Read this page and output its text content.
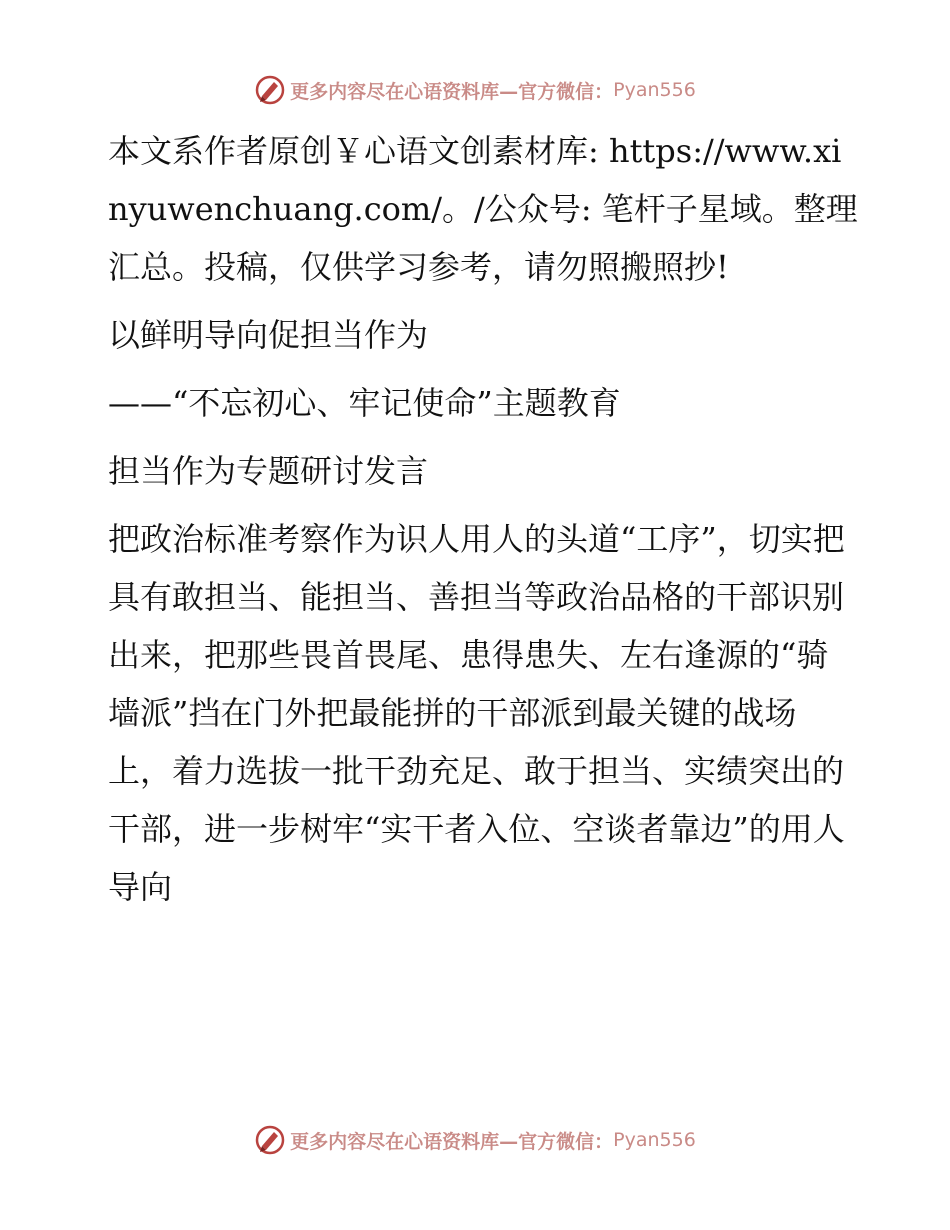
更多内容尽在心语资料库—官方微信： Pyan556

本文系作者原创￥心语文创素材库: https://www.xinyuwenchuang.com/。/公众号: 笔杆子星域。整理汇总。投稿，仅供学习参考，请勿照搬照抄!

以鲜明导向促担当作为

——“不忘初心、牢记使命”主题教育

担当作为专题研讨发言

把政治标准考察作为识人用人的头道“工序”，切实把具有敢担当、能担当、善担当等政治品格的干部识别出来，把那些畏首畏尾、患得患失、左右逢源的“骑墙派”挡在门外把最能拼的干部派到最关键的战场上，着力选拔一批干劲充足、敢于担当、实绩突出的干部，进一步树牢“实干者入位、空谈者靠边”的用人导向

更多内容尽在心语资料库—官方微信： Pyan556
